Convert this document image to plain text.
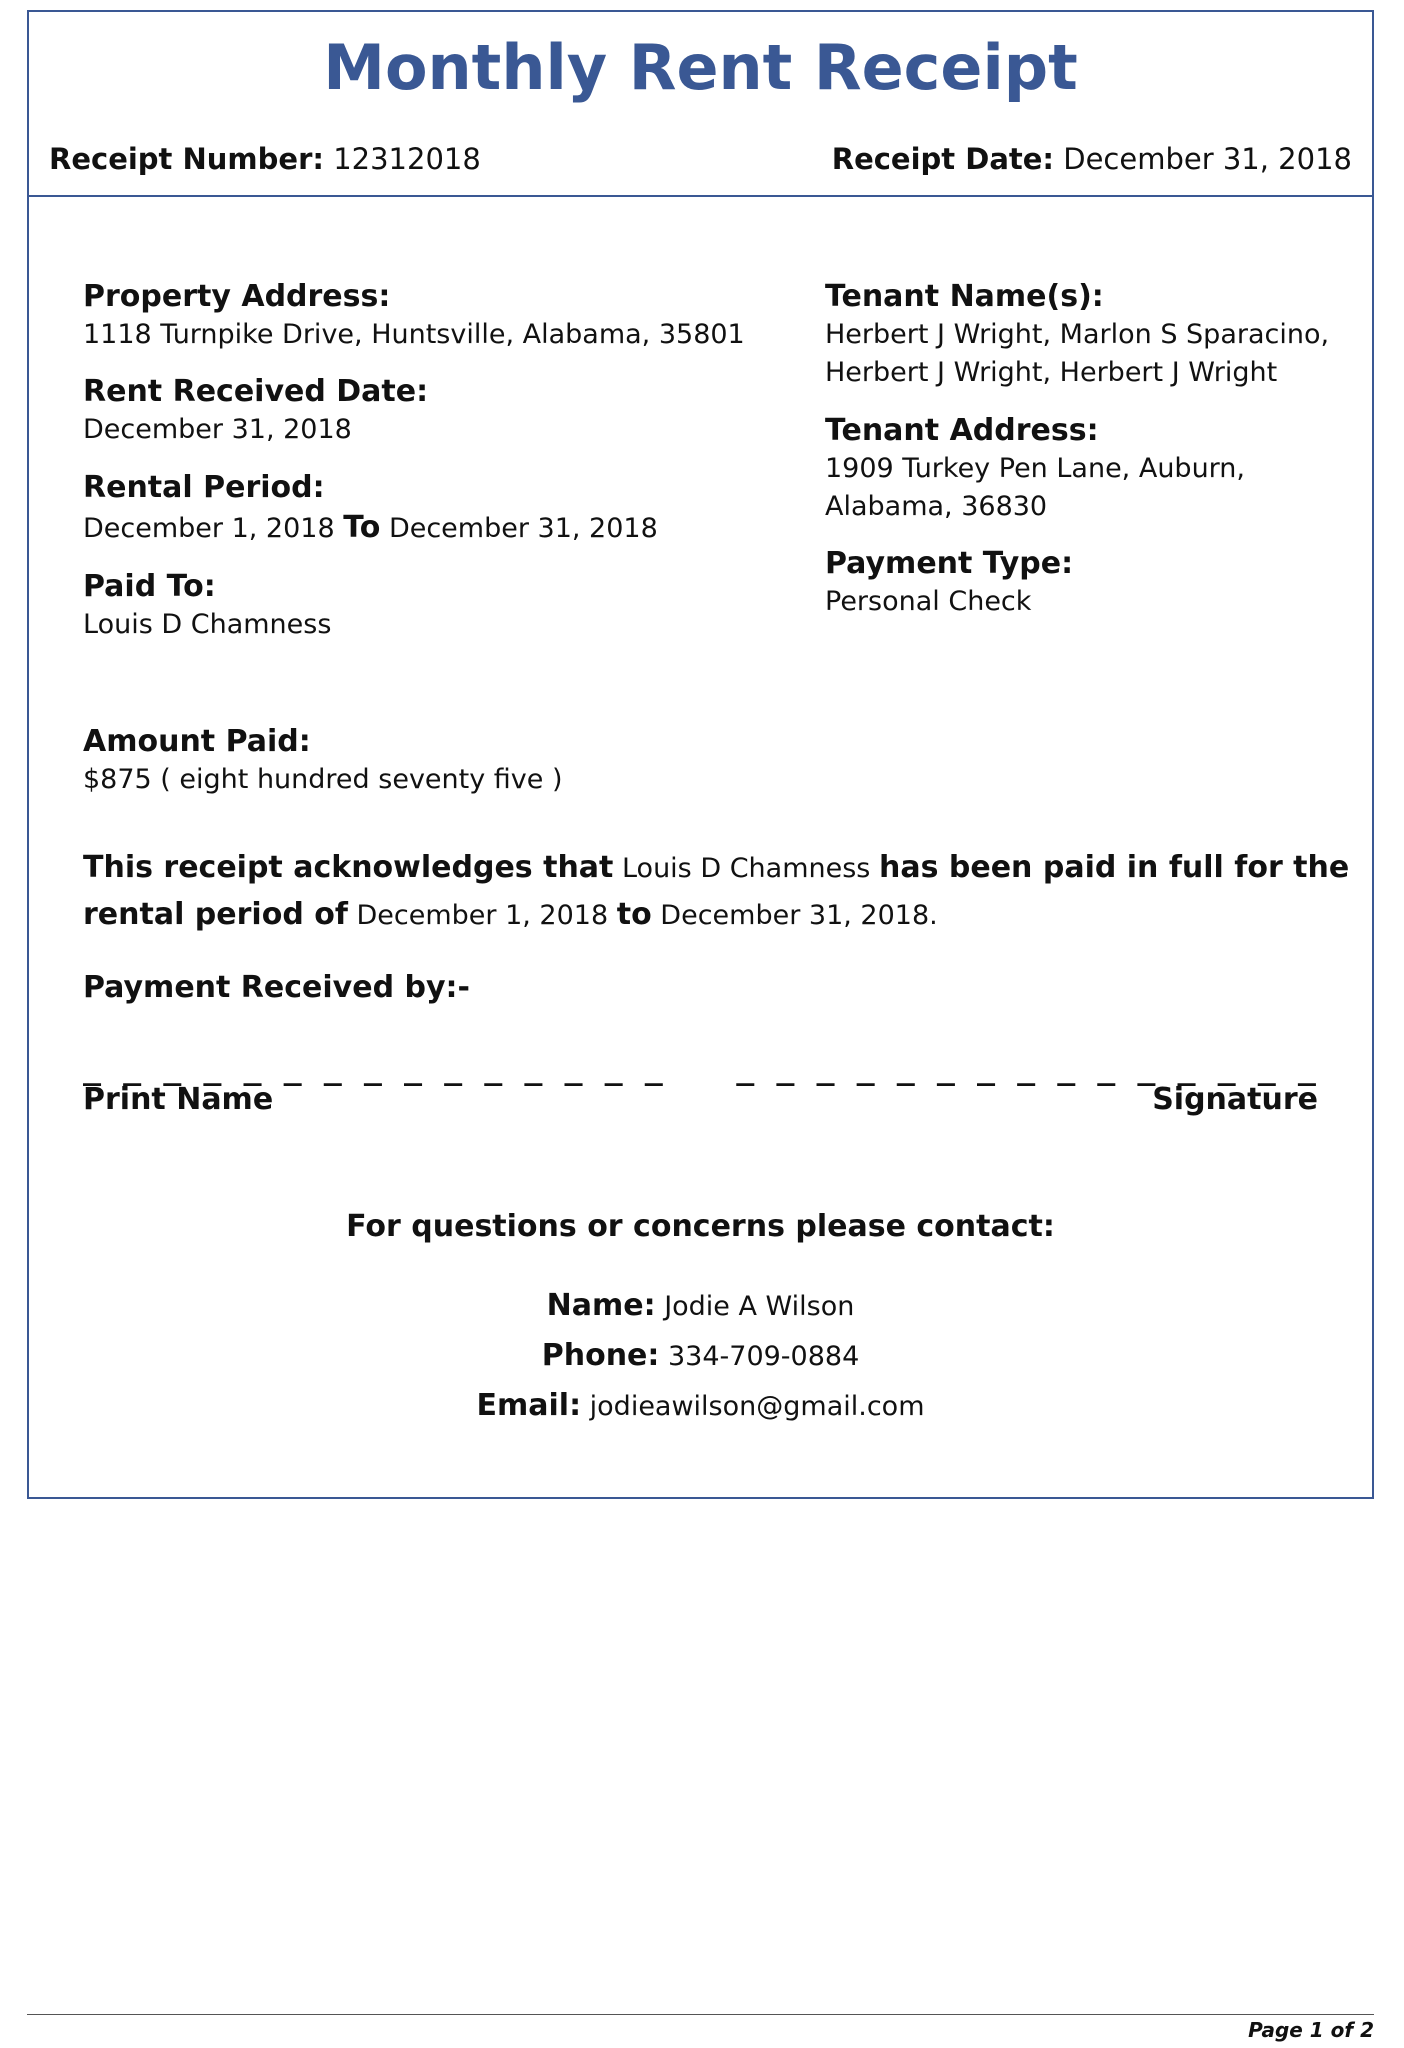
Monthly Rent Receipt
Receipt Number: 12312018	Receipt Date: December 31, 2018
Property Address:
1118 Turnpike Drive, Huntsville, Alabama, 35801
Rent Received Date:
December 31, 2018
Rental Period:
December 1, 2018 To December 31, 2018
Paid To:
Louis D Chamness
Amount Paid:
$875 ( eight hundred seventy five )
Tenant Name(s):
Herbert J Wright, Marlon S Sparacino, Herbert J Wright, Herbert J Wright
Tenant Address:
1909 Turkey Pen Lane, Auburn, Alabama, 36830
Payment Type:
Personal Check
This receipt acknowledges that Louis D Chamness has been paid in full for the rental period of December 1, 2018 to December 31, 2018.
Payment Received by:-
_ _ _ _ _ _ _ _ _ _ _ _ _ _ _ _ _ _ _ _ _ _ _ _ _ _ _ _ _ _
Print Name	Signature
For questions or concerns please contact:
Name: Jodie A Wilson
Phone: 334-709-0884
Email: jodieawilson@gmail.com
Page 1 of 2
